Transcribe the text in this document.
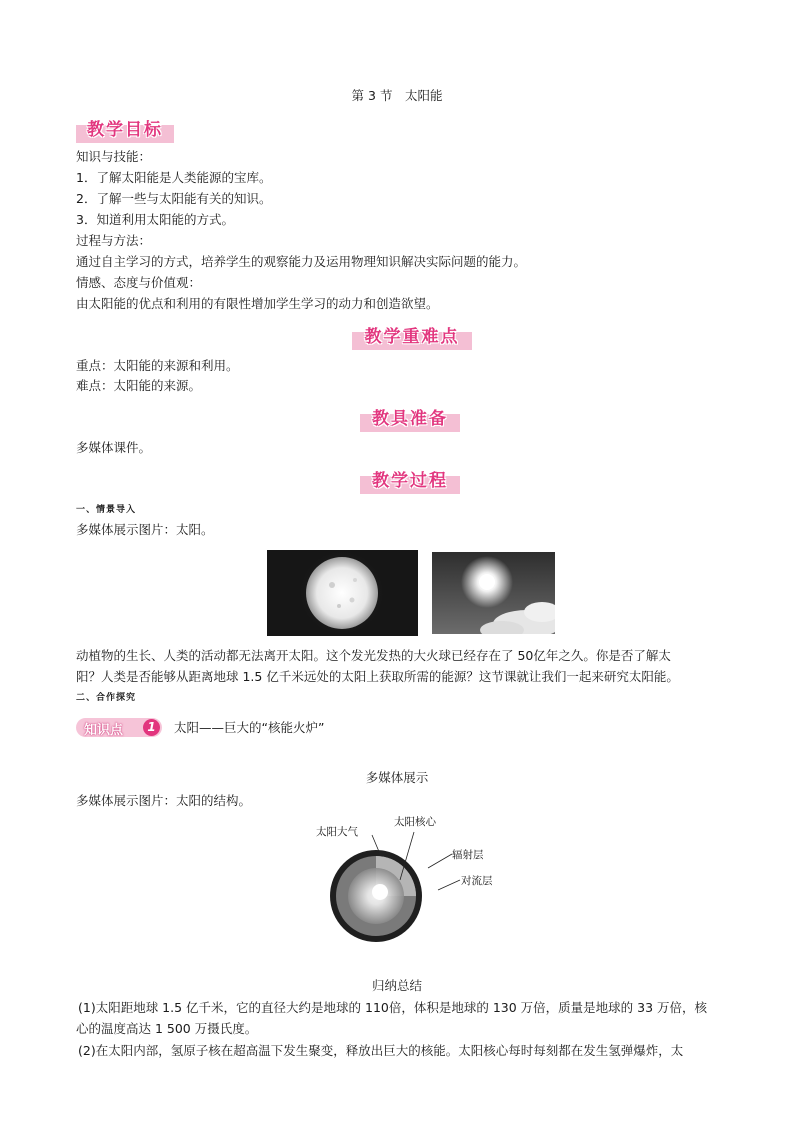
第 3 节　太阳能
教学目标
知识与技能：
1．了解太阳能是人类能源的宝库。
2．了解一些与太阳能有关的知识。
3．知道利用太阳能的方式。
过程与方法：
通过自主学习的方式，培养学生的观察能力及运用物理知识解决实际问题的能力。
情感、态度与价值观：
由太阳能的优点和利用的有限性增加学生学习的动力和创造欲望。
教学重难点
重点：太阳能的来源和利用。
难点：太阳能的来源。
教具准备
多媒体课件。
教学过程
一、情景导入
多媒体展示图片：太阳。
动植物的生长、人类的活动都无法离开太阳。这个发光发热的大火球已经存在了 50亿年之久。你是否了解太
阳？人类是否能够从距离地球 1.5 亿千米远处的太阳上获取所需的能源？这节课就让我们一起来研究太阳能。
二、合作探究
知识点	1	太阳——巨大的“核能火炉”
多媒体展示
多媒体展示图片：太阳的结构。
太阳大气
太阳核心
辐射层
对流层
归纳总结
(1)太阳距地球 1.5 亿千米，它的直径大约是地球的 110倍，体积是地球的 130 万倍，质量是地球的 33 万倍，核
心的温度高达 1 500 万摄氏度。
(2)在太阳内部，氢原子核在超高温下发生聚变，释放出巨大的核能。太阳核心每时每刻都在发生氢弹爆炸，太
